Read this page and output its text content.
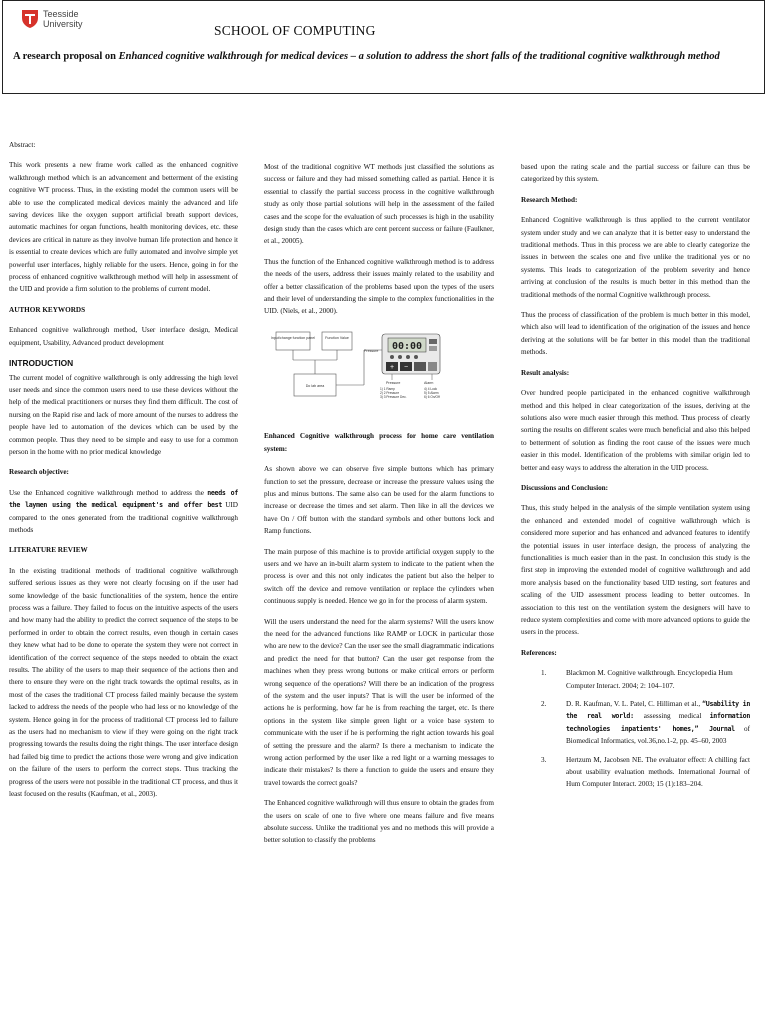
Teesside
University	SCHOOL OF COMPUTING
A research proposal on Enhanced cognitive walkthrough for medical devices – a solution to address the short falls of the traditional cognitive walkthrough method

Abstract:

This work presents a new frame work called as the enhanced cognitive walkthrough method which is an advancement and betterment of the existing cognitive WT process. Thus, in the existing model the common users will be able to use the complicated medical devices mainly the advanced and life saving devices like the oxygen support artificial breath support devices, automatic machines for organ functions, health monitoring devices, etc. these devices are critical in nature as they involve human life protection and hence it is essential to create devices which are fully automated and involve simple yet powerful user interfaces, highly reliable for the users. Hence, going in for the process of enhanced cognitive walkthrough method will help in assessment of the UID and provide a firm solution to the problems of current model.

AUTHOR KEYWORDS

Enhanced cognitive walkthrough method, User interface design, Medical equipment, Usability, Advanced product development

INTRODUCTION

The current model of cognitive walkthrough is only addressing the high level user needs and since the common users need to use these devices without the help of the medical practitioners or nurses they find them difficult. The cost of nursing on the Rapid rise and lack of more amount of the nurses to address the people have led to automation of the devices which can be used by the common people. Thus they need to be simple and easy to use for a common person in the home with no prior medical knowledge

Research objective:

Use the Enhanced cognitive walkthrough method to address the needs of the laymen using the medical equipment's and offer best UID compared to the ones generated from the traditional cognitive walkthrough methods

LITERATURE REVIEW

In the existing traditional methods of traditional cognitive walkthrough suffered serious issues as they were not clearly focusing on if the user had some knowledge of the basic functionalities of the system, hence the entire process was a failure. They failed to focus on the intuitive aspects of the users and how many had the ability to predict the correct sequence of the steps to be performed in order to obtain the correct results, even though in certain cases they knew what had to be done to operate the system they were not correct in identification of the correct sequence of the steps needed to obtain the exact results. The ability of the users to map their sequence of the actions then and there to ensure they were on the right track towards the optimal results, as in most of the cases the traditional CT process failed mainly because the system lacked to address the needs of the people who had less or no knowledge of the system. Hence going in for the process of traditional CT process led to failure as the users had no mechanism to view if they were going on the right track progressing towards the results doing the right things. The user interface design had failed big time to predict the actions those were wrong and give indication on the failure of the users to perform the correct steps. Thus tracking the progress of the users were not possible in the traditional CT process, and thus it least focused on the results (Kaufman, et al., 2003).

Most of the traditional cognitive WT methods just classified the solutions as success or failure and they had missed something called as partial. Hence it is essential to classify the partial success process in the cognitive walkthrough study as only those partial solutions will help in the assessment of the failed cases and the scope for the evaluation of such processes is high in the usability design study than the cases which are cent percent success or failure (Faulkner, et al., 20005).

Thus the function of the Enhanced cognitive walkthrough method is to address the needs of the users, address their issues mainly related to the usability and offer a better classification of the problems based upon the types of the users and their level of understanding the simple to the complex functionalities in the UID. (Niels, et al., 2000).

Input/change function panel	Function Value
Do lab area
Pressure 00:00
+ −
Pressure	Alarm
1) 1 Ramp 2) 2 Pressure 3) 3 Pressure Dec.
4) 4 Lock 5) 5 Alarm 6) 6 On/Off

Enhanced Cognitive walkthrough process for home care ventilation system:

As shown above we can observe five simple buttons which has primary function to set the pressure, decrease or increase the pressure values using the plus and minus buttons. The same also can be used for the alarm functions to increase or decrease the times and set alarm. Then like in all the devices we have On / Off button with the standard symbols and other buttons lock and Ramp functions.

The main purpose of this machine is to provide artificial oxygen supply to the users and we have an in-built alarm system to indicate to the patient when the process is over and this not only indicates the patient but also the helper to switch off the device and remove ventilation or replace the cylinders when continuous supply is needed. Hence we go in for the process of alarm system.

Will the users understand the need for the alarm systems? Will the users know the need for the advanced functions like RAMP or LOCK in particular those who are new to the device? Can the user see the small diagrammatic indications and predict the need for that button? Can the user get response from the machines when they press wrong buttons or make critical errors or perform wrong sequence of the operations? Will there be an indication of the progress of the system and the user inputs? That is will the user be informed of the actions he is performing, how far he is from reaching the target, etc. Is there options in the system like simple green light or a voice base system to communicate with the user if he is performing the right action towards his goal of setting the pressure and the alarm? Is there a mechanism to indicate the wrong action performed by the user like a red light or a warning messages to indicate their mistakes? Is there a function to guide the users and ensure they travel towards the correct goals?

The Enhanced cognitive walkthrough will thus ensure to obtain the grades from the users on scale of one to five where one means failure and five means absolute success. Unlike the traditional yes and no methods this will provide a better solution to classify the problems

based upon the rating scale and the partial success or failure can thus be categorized by this system.

Research Method:

Enhanced Cognitive walkthrough is thus applied to the current ventilator system under study and we can analyze that it is better easy to understand the traditional methods. Thus in this process we are able to clearly categorize the issues in between the scales one and five unlike the traditional yes or no systems. This leads to categorization of the problem severity and hence arriving at conclusion of the results is much better in this method than the traditional methods of the normal Cognitive walkthrough process.

Thus the process of classification of the problem is much better in this model, which also will lead to identification of the origination of the issues and hence deriving at the solutions will be far better in this model than the traditional methods.

Result analysis:

Over hundred people participated in the enhanced cognitive walkthrough method and this helped in clear categorization of the issues, deriving at the solutions also were much easier through this method. Thus process of clearly sorting the results on different scales were much beneficial and also this helped to betterment of solution as finding the root cause of the issues were much easier in this model. Identification of the problems with similar origin led to better and easy ways to address the alteration in the UID process.

Discussions and Conclusion:

Thus, this study helped in the analysis of the simple ventilation system using the enhanced and extended model of cognitive walkthrough which is considered more superior and has enhanced and advanced features to identify the potential issues in user interface design, the process of analyzing the functionalities is much easier than in the past. In conclusion this study is the first step in improving the extended model of cognitive walkthrough and add more analysis based on the functionality based UID testing, sort features and scaling of the UID assessment process leading to better outcomes. In association to this test on the ventilation system the designers will have to reduce system complexities and come with more advanced options to guide the users in the process.

References:
1.	Blackmon M. Cognitive walkthrough. Encyclopedia Hum Computer Interact. 2004; 2: 104–107.
2.	D. R. Kaufman, V. L. Patel, C. Hilliman et al., “Usability in the real world: assessing medical information technologies inpatients' homes,” Journal of Biomedical Informatics, vol.36,no.1-2, pp. 45–60, 2003
3.	Hertzum M, Jacobsen NE. The evaluator effect: A chilling fact about usability evaluation methods. International Journal of Hum Computer Interact. 2003; 15 (1):183–204.
